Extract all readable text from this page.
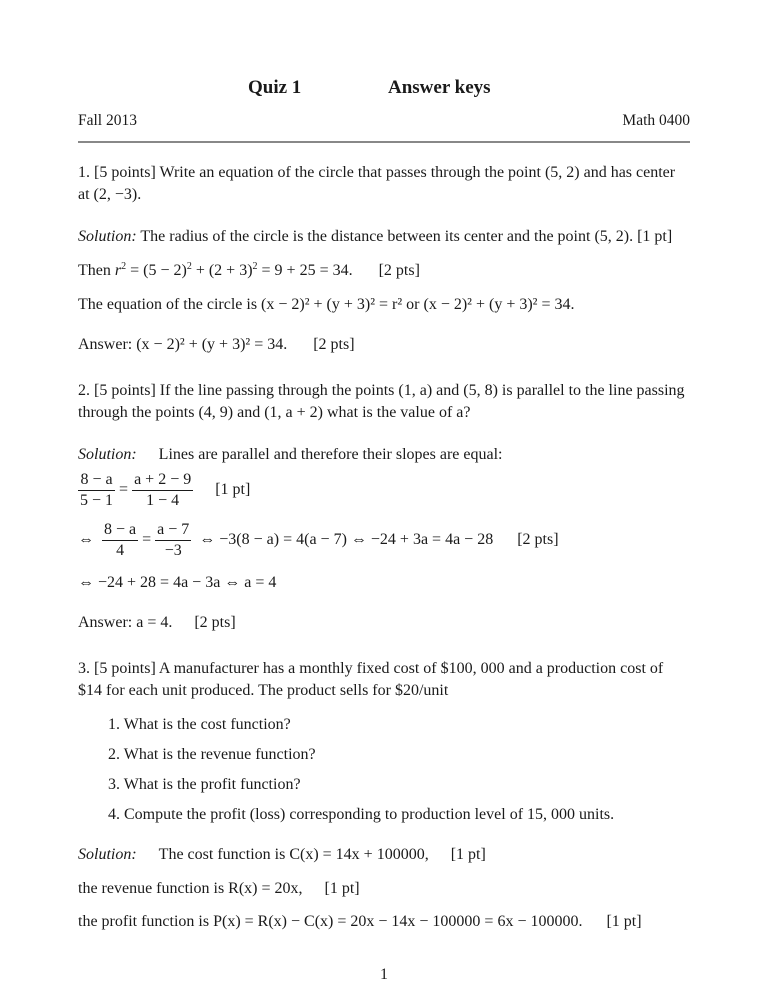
Quiz 1	Answer keys
Fall 2013	Math 0400
1. [5 points] Write an equation of the circle that passes through the point (5, 2) and has center
at (2, −3).
Solution: The radius of the circle is the distance between its center and the point (5, 2). [1 pt]
Then $r^2 = (5 - 2)^2 + (2 + 3)^2 = 9 + 25 = 34$. [2 pts]
The equation of the circle is (x − 2)² + (y + 3)² = r² or (x − 2)² + (y + 3)² = 34.
Answer: (x − 2)² + (y + 3)² = 34. [2 pts]
2. [5 points] If the line passing through the points (1, a) and (5, 8) is parallel to the line passing
through the points (4, 9) and (1, a + 2) what is the value of a?
Solution: Lines are parallel and therefore their slopes are equal:
$\frac{8 - a}{5 - 1} = \frac{a + 2 - 9}{1 - 4} [1$ pt]
⇔ $\frac{8 - a}{4} = \frac{a - 7}{-3}$ ⇔ −3(8 − a) = 4(a − 7) ⇔ −24 + 3a = 4a − 28 [2 pts]
⇔ −24 + 28 = 4a − 3a ⇔ a = 4
Answer: a = 4. [2 pts]
3. [5 points] A manufacturer has a monthly fixed cost of $100, 000 and a production cost of
$14 for each unit produced. The product sells for $20/unit
1. What is the cost function?
2. What is the revenue function?
3. What is the profit function?
4. Compute the profit (loss) corresponding to production level of 15, 000 units.
Solution: The cost function is C(x) = 14x + 100000, [1 pt]
the revenue function is R(x) = 20x, [1 pt]
the profit function is P(x) = R(x) − C(x) = 20x − 14x − 100000 = 6x − 100000. [1 pt]
1
